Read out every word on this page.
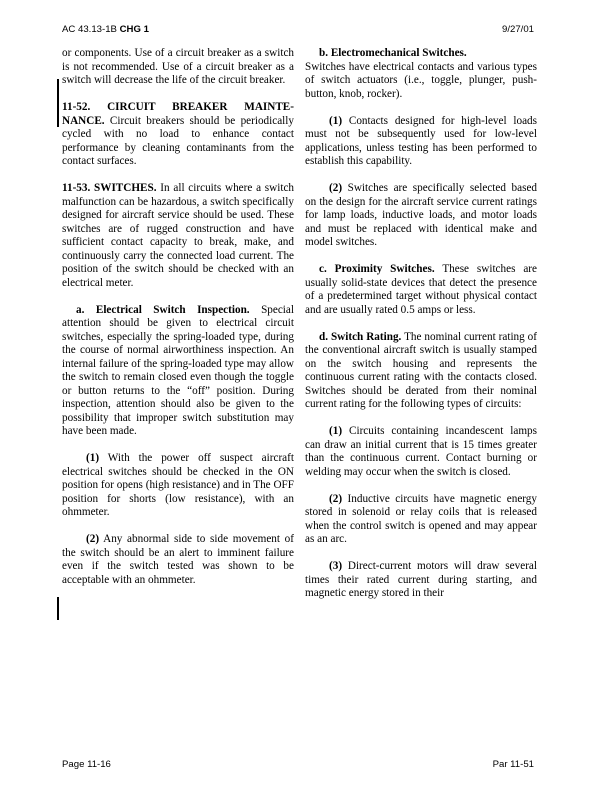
AC 43.13-1B CHG 1	9/27/01

or components. Use of a circuit breaker as a switch is not recommended. Use of a circuit breaker as a switch will decrease the life of the circuit breaker.

11-52. CIRCUIT BREAKER MAINTE-NANCE. Circuit breakers should be periodically cycled with no load to enhance contact performance by cleaning contaminants from the contact surfaces.

11-53. SWITCHES. In all circuits where a switch malfunction can be hazardous, a switch specifically designed for aircraft service should be used. These switches are of rugged construction and have sufficient contact capacity to break, make, and continuously carry the connected load current. The position of the switch should be checked with an electrical meter.

a. Electrical Switch Inspection. Special attention should be given to electrical circuit switches, especially the spring-loaded type, during the course of normal airworthiness inspection. An internal failure of the spring-loaded type may allow the switch to remain closed even though the toggle or button returns to the “off” position. During inspection, attention should also be given to the possibility that improper switch substitution may have been made.

(1) With the power off suspect aircraft electrical switches should be checked in the ON position for opens (high resistance) and in The OFF position for shorts (low resistance), with an ohmmeter.

(2) Any abnormal side to side movement of the switch should be an alert to imminent failure even if the switch tested was shown to be acceptable with an ohmmeter.

b. Electromechanical Switches.
Switches have electrical contacts and various types of switch actuators (i.e., toggle, plunger, push-button, knob, rocker).

(1) Contacts designed for high-level loads must not be subsequently used for low-level applications, unless testing has been performed to establish this capability.

(2) Switches are specifically selected based on the design for the aircraft service current ratings for lamp loads, inductive loads, and motor loads and must be replaced with identical make and model switches.

c. Proximity Switches. These switches are usually solid-state devices that detect the presence of a predetermined target without physical contact and are usually rated 0.5 amps or less.

d. Switch Rating. The nominal current rating of the conventional aircraft switch is usually stamped on the switch housing and represents the continuous current rating with the contacts closed. Switches should be derated from their nominal current rating for the following types of circuits:

(1) Circuits containing incandescent lamps can draw an initial current that is 15 times greater than the continuous current. Contact burning or welding may occur when the switch is closed.

(2) Inductive circuits have magnetic energy stored in solenoid or relay coils that is released when the control switch is opened and may appear as an arc.

(3) Direct-current motors will draw several times their rated current during starting, and magnetic energy stored in their

Page 11-16	Par 11-51
